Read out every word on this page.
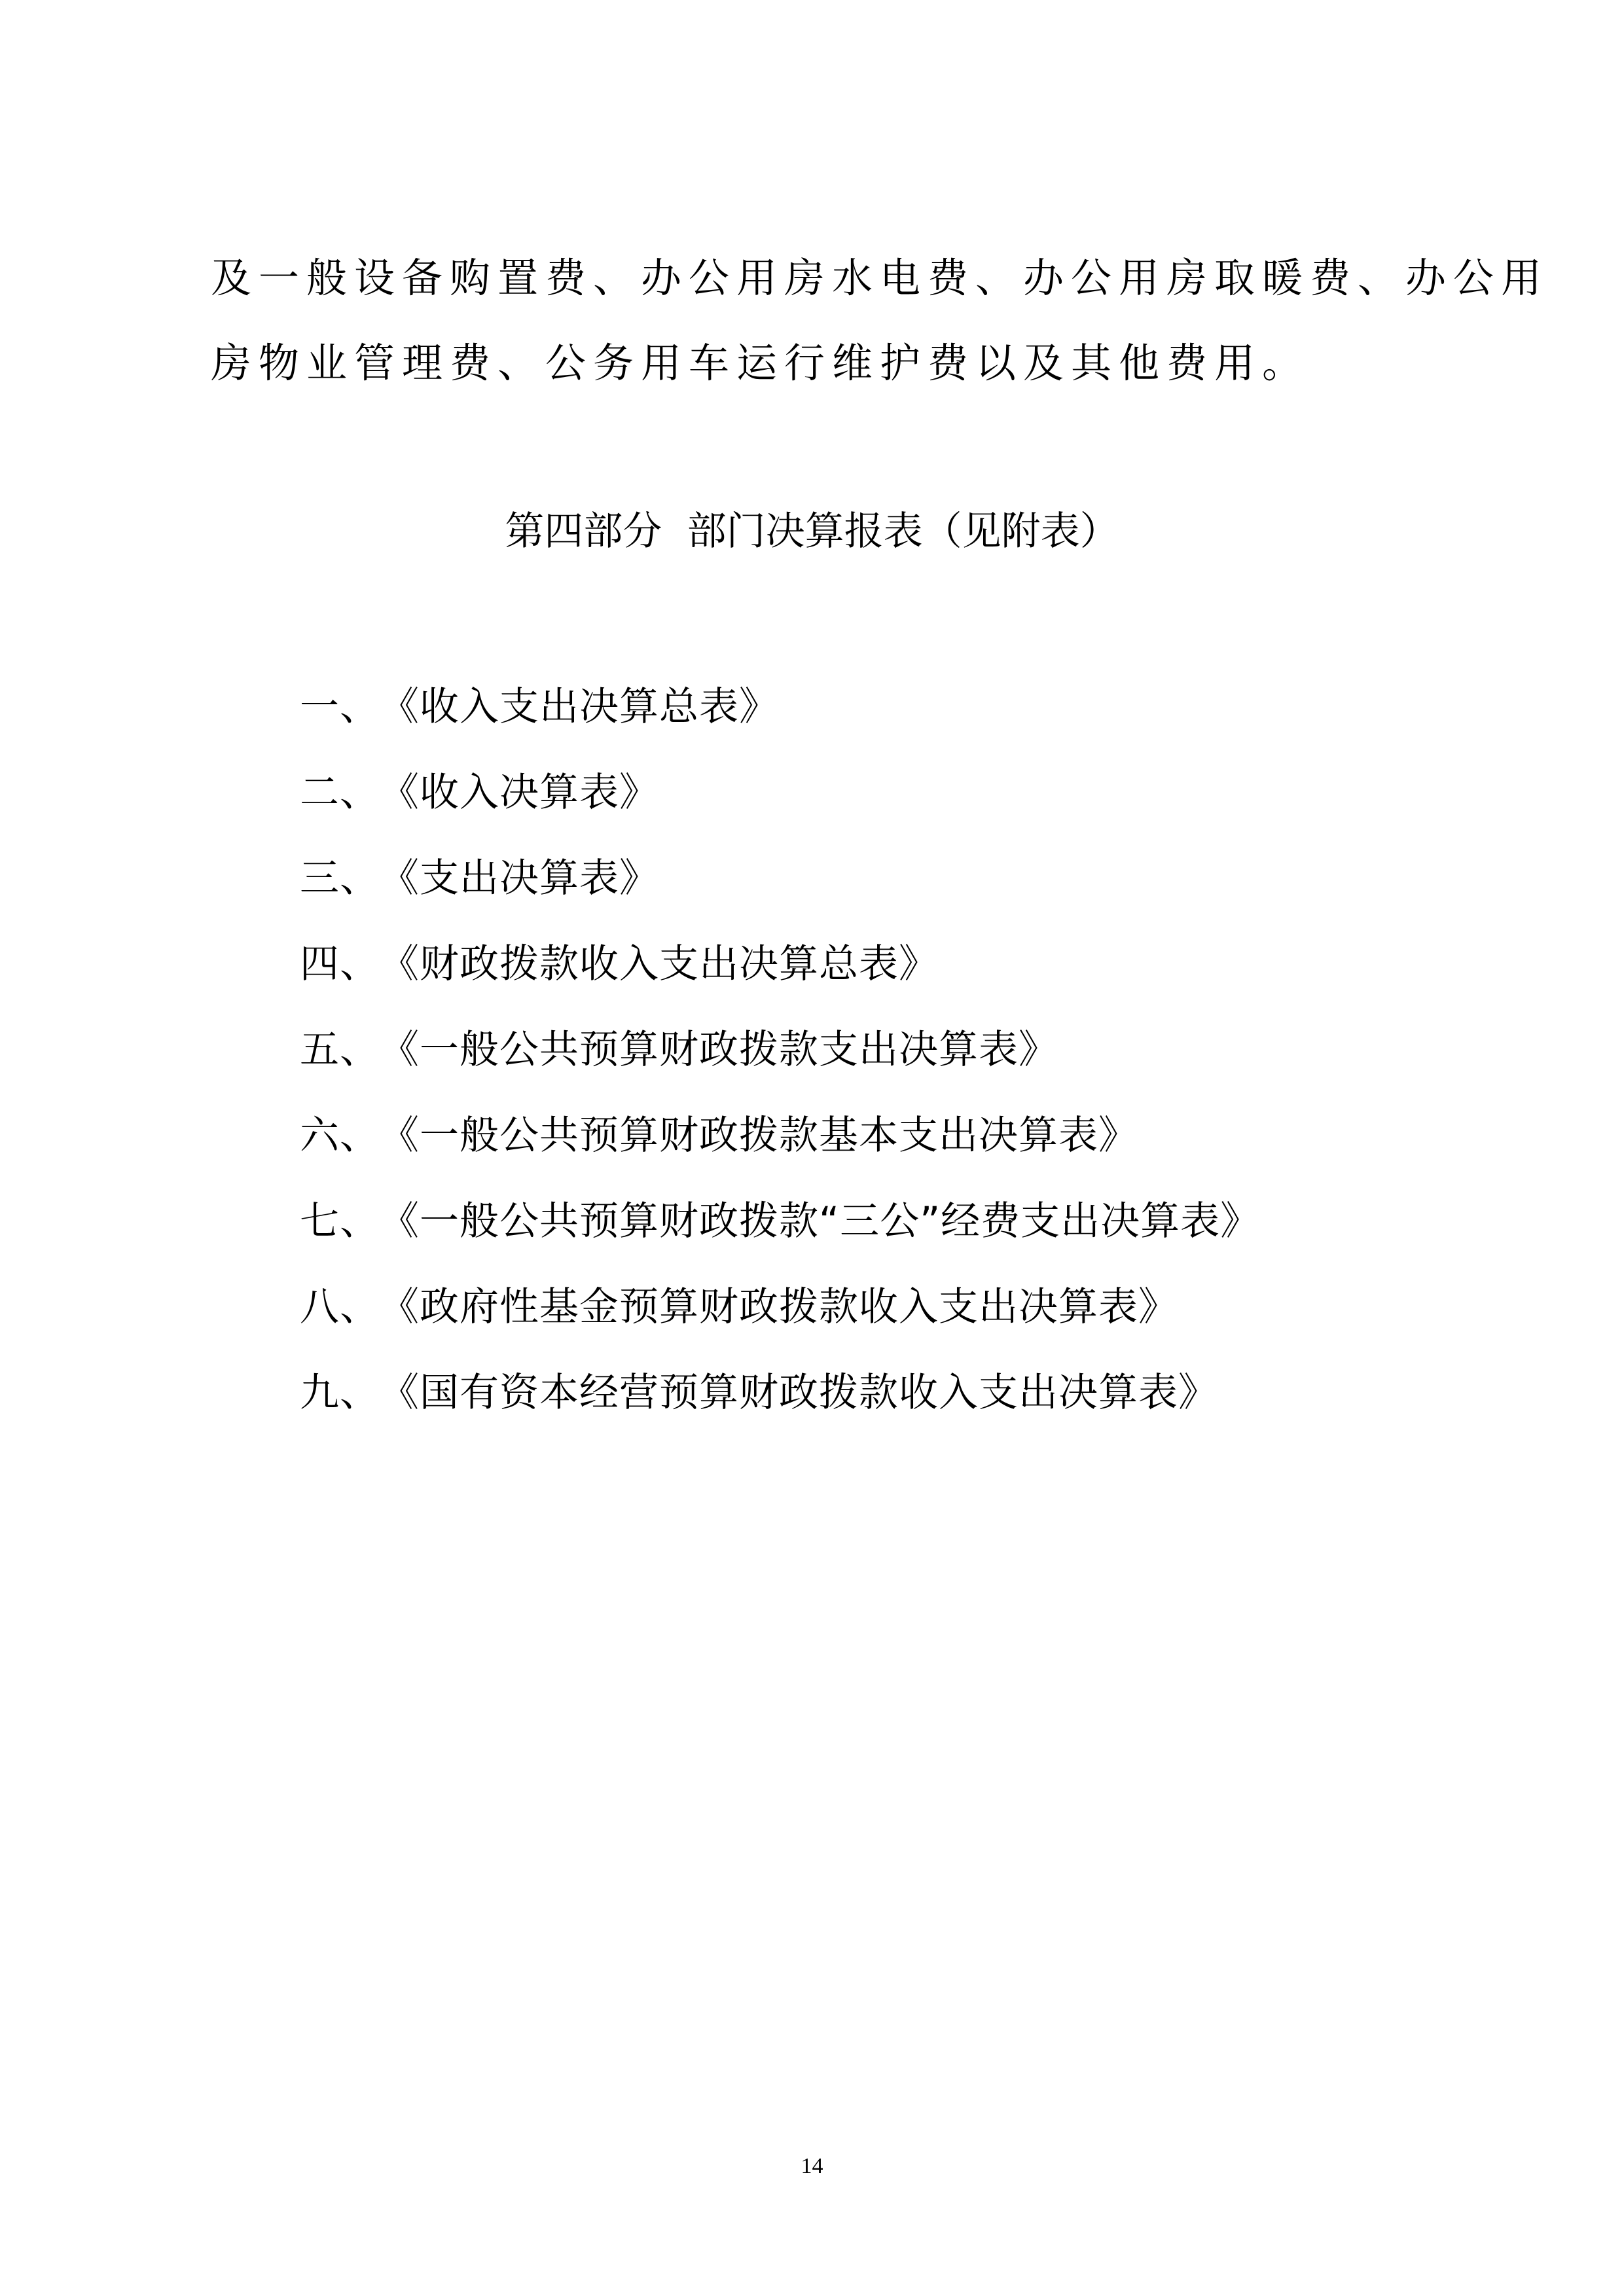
及一般设备购置费、办公用房水电费、办公用房取暖费、办公用
房物业管理费、公务用车运行维护费以及其他费用。
第四部分  部门决算报表（见附表）
一、《收入支出决算总表》
二、《收入决算表》
三、《支出决算表》
四、《财政拨款收入支出决算总表》
五、《一般公共预算财政拨款支出决算表》
六、《一般公共预算财政拨款基本支出决算表》
七、《一般公共预算财政拨款“三公”经费支出决算表》
八、《政府性基金预算财政拨款收入支出决算表》
九、《国有资本经营预算财政拨款收入支出决算表》
14
